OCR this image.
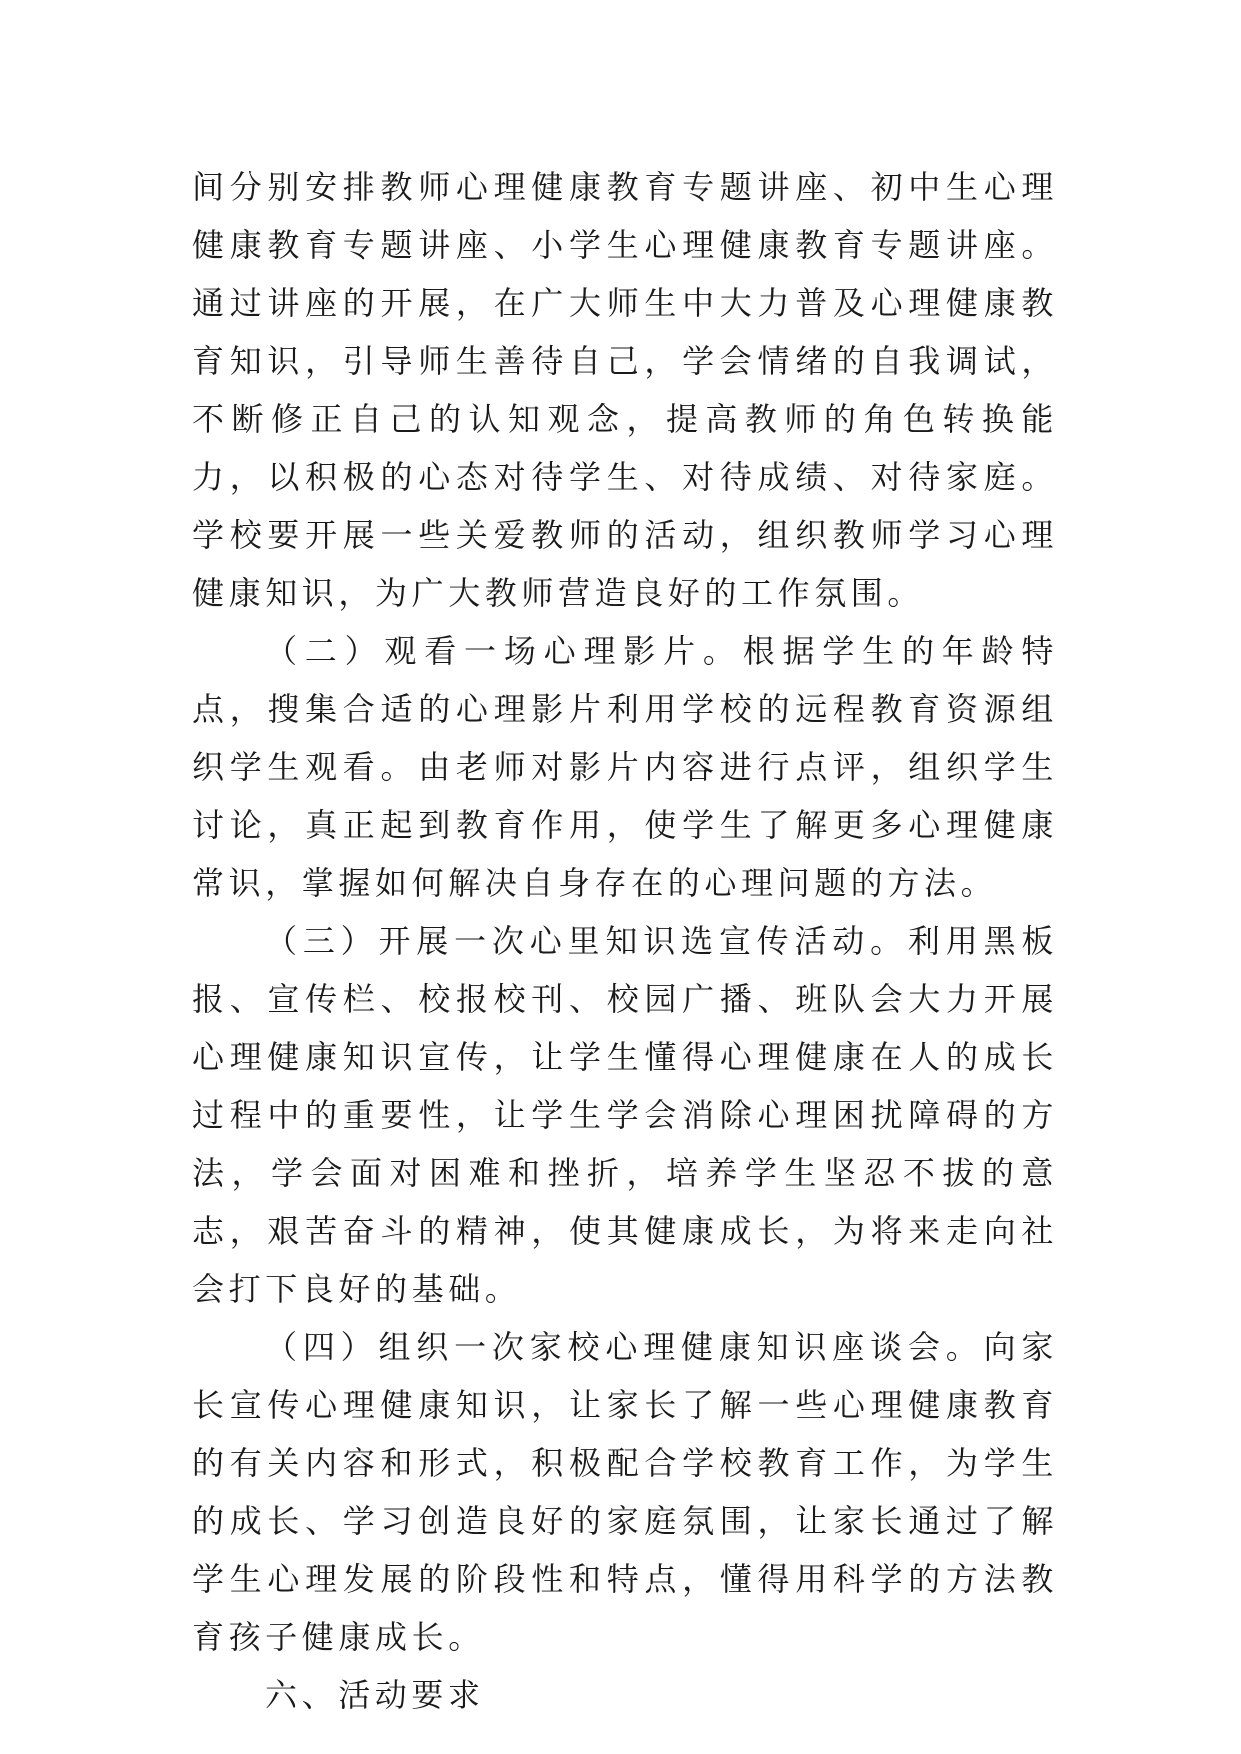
间分别安排教师心理健康教育专题讲座、初中生心理健康教育专题讲座、小学生心理健康教育专题讲座。通过讲座的开展，在广大师生中大力普及心理健康教育知识，引导师生善待自己，学会情绪的自我调试，不断修正自己的认知观念，提高教师的角色转换能力，以积极的心态对待学生、对待成绩、对待家庭。学校要开展一些关爱教师的活动，组织教师学习心理健康知识，为广大教师营造良好的工作氛围。

（二）观看一场心理影片。根据学生的年龄特点，搜集合适的心理影片利用学校的远程教育资源组织学生观看。由老师对影片内容进行点评，组织学生讨论，真正起到教育作用，使学生了解更多心理健康常识，掌握如何解决自身存在的心理问题的方法。

（三）开展一次心里知识选宣传活动。利用黑板报、宣传栏、校报校刊、校园广播、班队会大力开展心理健康知识宣传，让学生懂得心理健康在人的成长过程中的重要性，让学生学会消除心理困扰障碍的方法，学会面对困难和挫折，培养学生坚忍不拔的意志，艰苦奋斗的精神，使其健康成长，为将来走向社会打下良好的基础。

（四）组织一次家校心理健康知识座谈会。向家长宣传心理健康知识，让家长了解一些心理健康教育的有关内容和形式，积极配合学校教育工作，为学生的成长、学习创造良好的家庭氛围，让家长通过了解学生心理发展的阶段性和特点，懂得用科学的方法教育孩子健康成长。

六、活动要求
